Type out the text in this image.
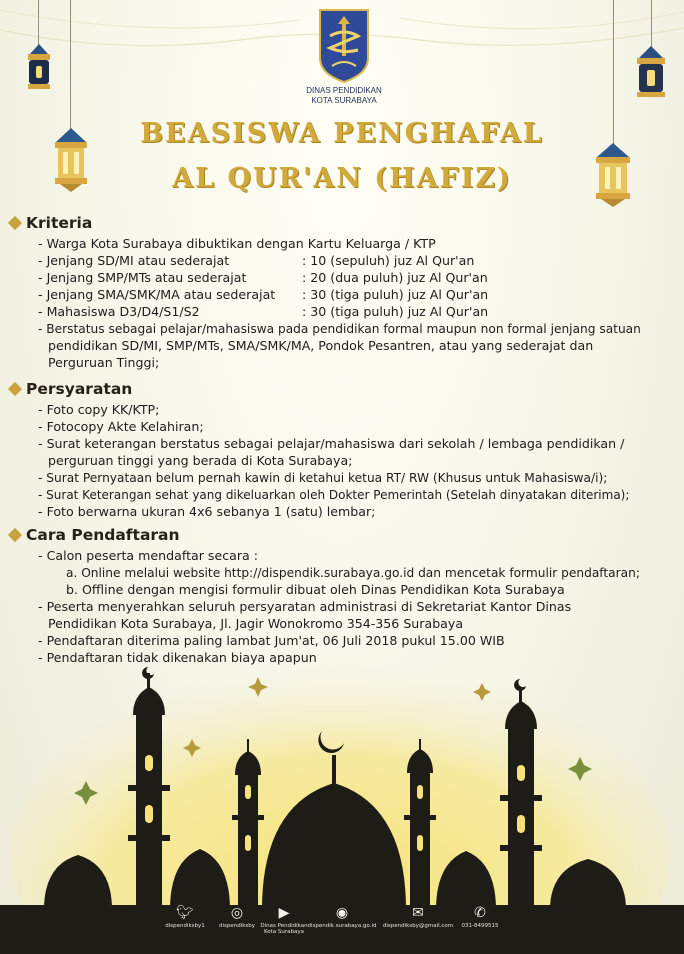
DINAS PENDIDIKAN
KOTA SURABAYA
BEASISWA PENGHAFAL
AL QUR'AN (HAFIZ)
Kriteria
- Warga Kota Surabaya dibuktikan dengan Kartu Keluarga / KTP
- Jenjang SD/MI atau sederajat	: 10 (sepuluh) juz Al Qur'an
- Jenjang SMP/MTs atau sederajat	: 20 (dua puluh) juz Al Qur'an
- Jenjang SMA/SMK/MA atau sederajat : 30 (tiga puluh) juz Al Qur'an
- Mahasiswa D3/D4/S1/S2	: 30 (tiga puluh) juz Al Qur'an
- Berstatus sebagai pelajar/mahasiswa pada pendidikan formal maupun non formal jenjang satuan
pendidikan SD/MI, SMP/MTs, SMA/SMK/MA, Pondok Pesantren, atau yang sederajat dan
Perguruan Tinggi;
Persyaratan
- Foto copy KK/KTP;
- Fotocopy Akte Kelahiran;
- Surat keterangan berstatus sebagai pelajar/mahasiswa dari sekolah / lembaga pendidikan /
perguruan tinggi yang berada di Kota Surabaya;
- Surat Pernyataan belum pernah kawin di ketahui ketua RT/ RW (Khusus untuk Mahasiswa/i);
- Surat Keterangan sehat yang dikeluarkan oleh Dokter Pemerintah (Setelah dinyatakan diterima);
- Foto berwarna ukuran 4x6 sebanya 1 (satu) lembar;
Cara Pendaftaran
- Calon peserta mendaftar secara :
a. Online melalui website http://dispendik.surabaya.go.id dan mencetak formulir pendaftaran;
b. Offline dengan mengisi formulir dibuat oleh Dinas Pendidikan Kota Surabaya
- Peserta menyerahkan seluruh persyaratan administrasi di Sekretariat Kantor Dinas
Pendidikan Kota Surabaya, Jl. Jagir Wonokromo 354-356 Surabaya
- Pendaftaran diterima paling lambat Jum'at, 06 Juli 2018 pukul 15.00 WIB
- Pendaftaran tidak dikenakan biaya apapun
🐦︎
dispendiksby1
◎
dispendiksby
▶
Dinas Pendidikan
Kota Surabaya
◉
dispendik.surabaya.go.id
✉
dispendiksby@gmail.com
✆
031-8499515
